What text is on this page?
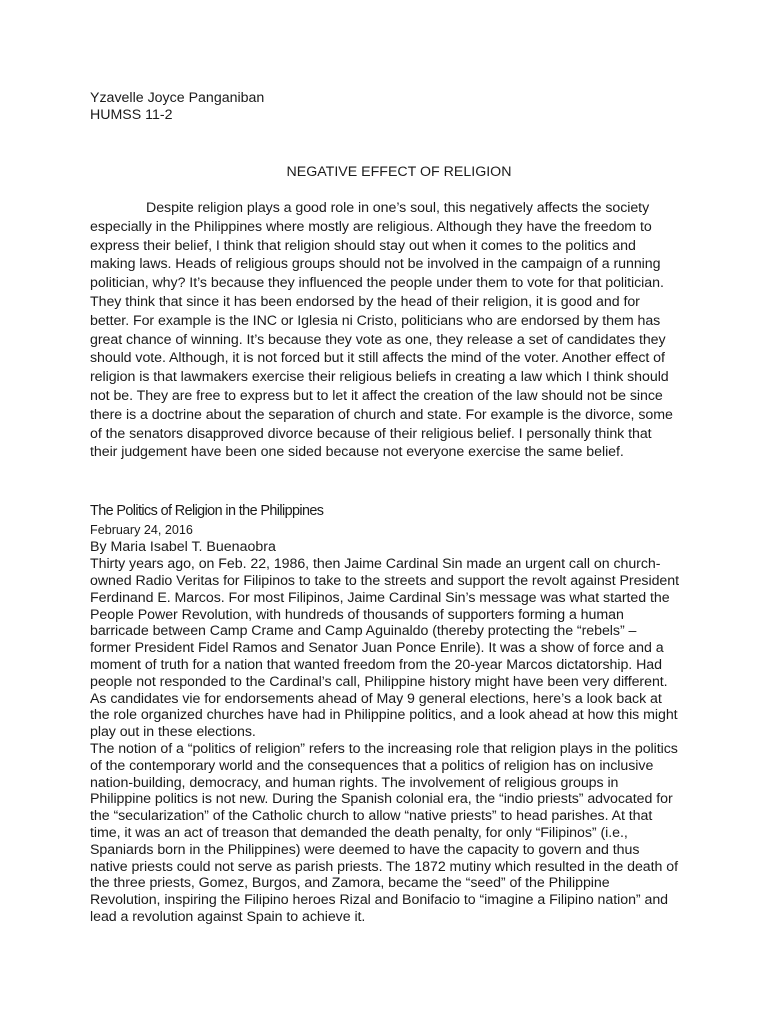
Yzavelle Joyce Panganiban

HUMSS 11-2

NEGATIVE EFFECT OF RELIGION

Despite religion plays a good role in one’s soul, this negatively affects the society especially in the Philippines where mostly are religious. Although they have the freedom to express their belief, I think that religion should stay out when it comes to the politics and making laws. Heads of religious groups should not be involved in the campaign of a running politician, why? It’s because they influenced the people under them to vote for that politician. They think that since it has been endorsed by the head of their religion, it is good and for better. For example is the INC or Iglesia ni Cristo, politicians who are endorsed by them has great chance of winning. It’s because they vote as one, they release a set of candidates they should vote. Although, it is not forced but it still affects the mind of the voter. Another effect of religion is that lawmakers exercise their religious beliefs in creating a law which I think should not be. They are free to express but to let it affect the creation of the law should not be since there is a doctrine about the separation of church and state. For example is the divorce, some of the senators disapproved divorce because of their religious belief. I personally think that their judgement have been one sided because not everyone exercise the same belief.

The Politics of Religion in the Philippines

February 24, 2016

By Maria Isabel T. Buenaobra

Thirty years ago, on Feb. 22, 1986, then Jaime Cardinal Sin made an urgent call on church-owned Radio Veritas for Filipinos to take to the streets and support the revolt against President Ferdinand E. Marcos. For most Filipinos, Jaime Cardinal Sin’s message was what started the People Power Revolution, with hundreds of thousands of supporters forming a human barricade between Camp Crame and Camp Aguinaldo (thereby protecting the “rebels” – former President Fidel Ramos and Senator Juan Ponce Enrile). It was a show of force and a moment of truth for a nation that wanted freedom from the 20-year Marcos dictatorship. Had people not responded to the Cardinal’s call, Philippine history might have been very different. As candidates vie for endorsements ahead of May 9 general elections, here’s a look back at the role organized churches have had in Philippine politics, and a look ahead at how this might play out in these elections.

The notion of a “politics of religion” refers to the increasing role that religion plays in the politics of the contemporary world and the consequences that a politics of religion has on inclusive nation-building, democracy, and human rights. The involvement of religious groups in Philippine politics is not new. During the Spanish colonial era, the “indio priests” advocated for the “secularization” of the Catholic church to allow “native priests” to head parishes. At that time, it was an act of treason that demanded the death penalty, for only “Filipinos” (i.e., Spaniards born in the Philippines) were deemed to have the capacity to govern and thus native priests could not serve as parish priests. The 1872 mutiny which resulted in the death of the three priests, Gomez, Burgos, and Zamora, became the “seed” of the Philippine Revolution, inspiring the Filipino heroes Rizal and Bonifacio to “imagine a Filipino nation” and lead a revolution against Spain to achieve it.
